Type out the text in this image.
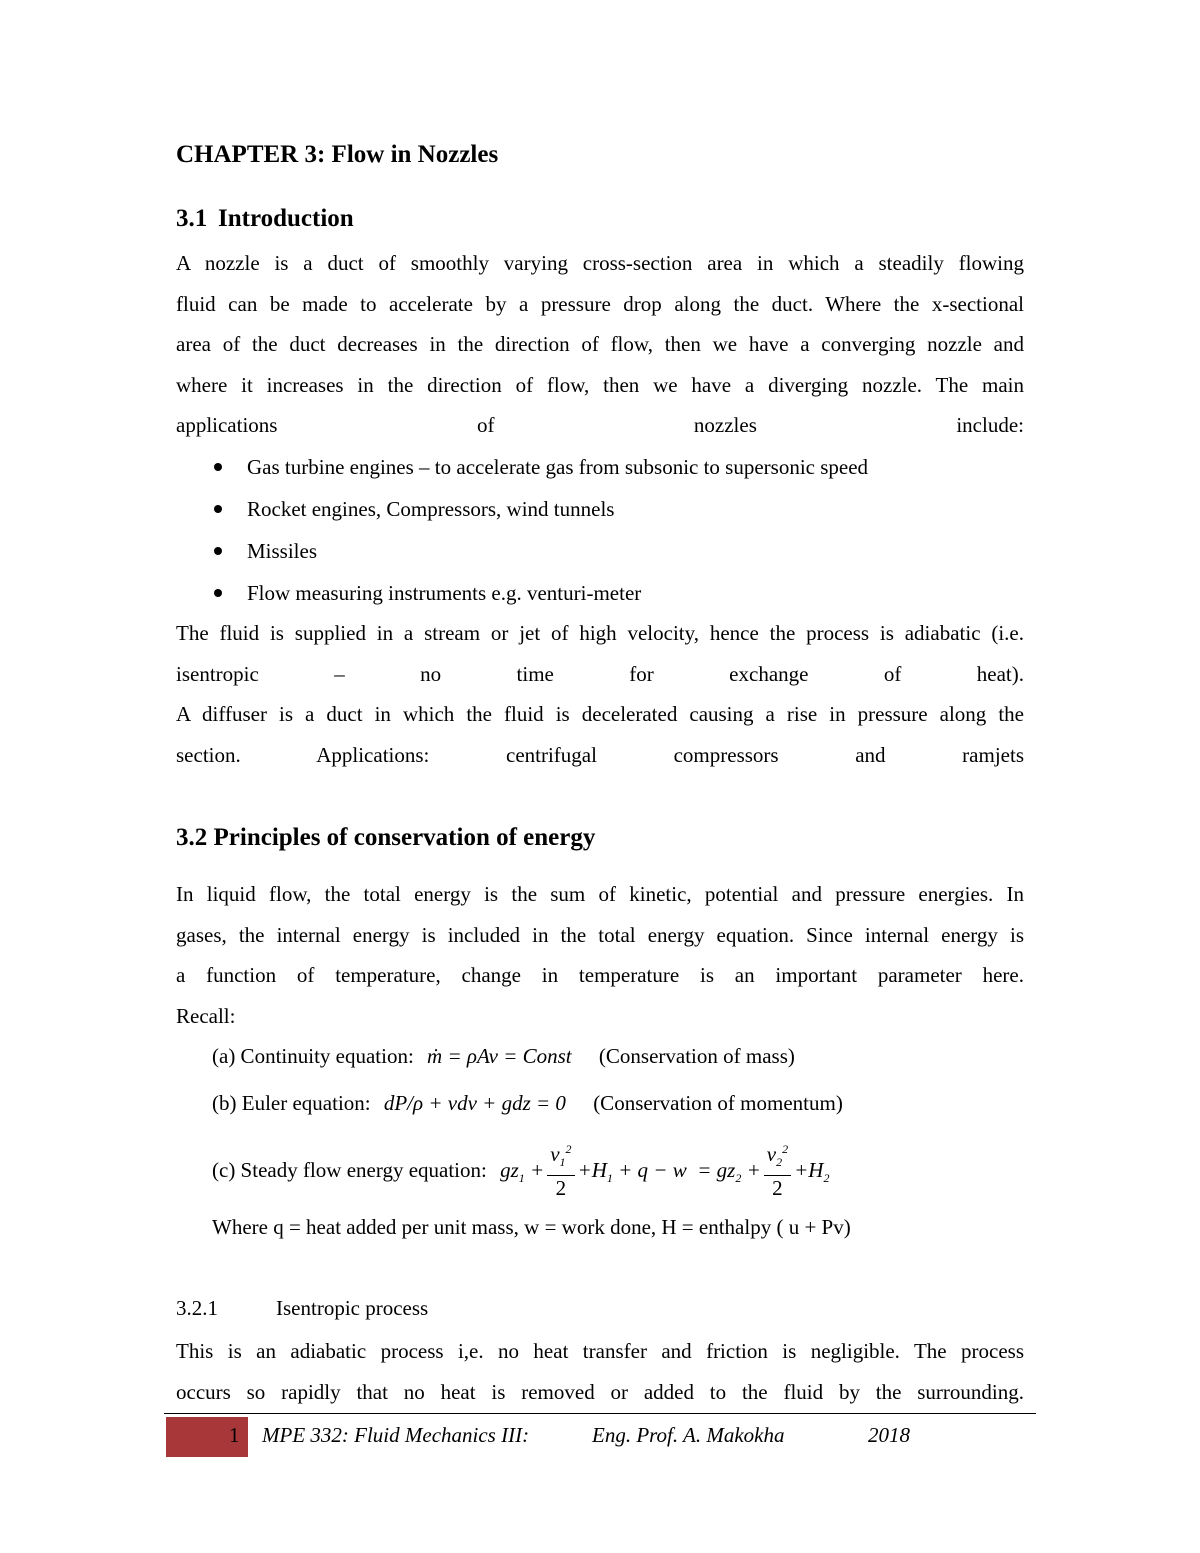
CHAPTER 3: Flow in Nozzles
3.1 Introduction

A nozzle is a duct of smoothly varying cross-section area in which a steadily flowing
fluid can be made to accelerate by a pressure drop along the duct. Where the x-sectional
area of the duct decreases in the direction of flow, then we have a converging nozzle and
where it increases in the direction of flow, then we have a diverging nozzle. The main
applications of nozzles include:

Gas turbine engines – to accelerate gas from subsonic to supersonic speed
Rocket engines, Compressors, wind tunnels
Missiles
Flow measuring instruments e.g. venturi-meter

The fluid is supplied in a stream or jet of high velocity, hence the process is adiabatic (i.e.
isentropic – no time for exchange of heat).
A diffuser is a duct in which the fluid is decelerated causing a rise in pressure along the
section. Applications: centrifugal compressors and ramjets

3.2 Principles of conservation of energy

In liquid flow, the total energy is the sum of kinetic, potential and pressure energies. In
gases, the internal energy is included in the total energy equation. Since internal energy is
a function of temperature, change in temperature is an important parameter here.
Recall:

(a) Continuity equation: ṁ = ρAv = Const (Conservation of mass)
(b) Euler equation: dP/ρ + vdv + gdz = 0 (Conservation of momentum)
(c) Steady flow energy equation: $gz_1 + \frac{v_1^2}{2} +H_1 + q - w = gz_2 + \frac{v_2^2}{2} +H_2$
Where q = heat added per unit mass, w = work done, H = enthalpy ( u + Pv)
3.2.1	Isentropic process

This is an adiabatic process i,e. no heat transfer and friction is negligible. The process
occurs so rapidly that no heat is removed or added to the fluid by the surrounding.

1 MPE 332: Fluid Mechanics III:	Eng. Prof. A. Makokha	2018
